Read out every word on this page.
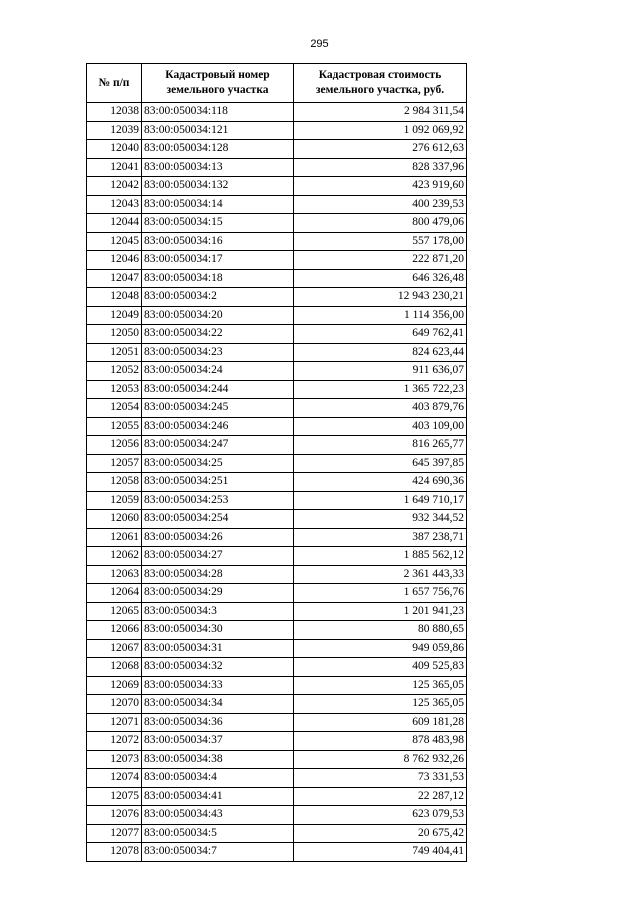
295
№ п/п	Кадастровый номер земельного участка	Кадастровая стоимость земельного участка, руб.
12038	83:00:050034:118	2 984 311,54
12039	83:00:050034:121	1 092 069,92
12040	83:00:050034:128	276 612,63
12041	83:00:050034:13	828 337,96
12042	83:00:050034:132	423 919,60
12043	83:00:050034:14	400 239,53
12044	83:00:050034:15	800 479,06
12045	83:00:050034:16	557 178,00
12046	83:00:050034:17	222 871,20
12047	83:00:050034:18	646 326,48
12048	83:00:050034:2	12 943 230,21
12049	83:00:050034:20	1 114 356,00
12050	83:00:050034:22	649 762,41
12051	83:00:050034:23	824 623,44
12052	83:00:050034:24	911 636,07
12053	83:00:050034:244	1 365 722,23
12054	83:00:050034:245	403 879,76
12055	83:00:050034:246	403 109,00
12056	83:00:050034:247	816 265,77
12057	83:00:050034:25	645 397,85
12058	83:00:050034:251	424 690,36
12059	83:00:050034:253	1 649 710,17
12060	83:00:050034:254	932 344,52
12061	83:00:050034:26	387 238,71
12062	83:00:050034:27	1 885 562,12
12063	83:00:050034:28	2 361 443,33
12064	83:00:050034:29	1 657 756,76
12065	83:00:050034:3	1 201 941,23
12066	83:00:050034:30	80 880,65
12067	83:00:050034:31	949 059,86
12068	83:00:050034:32	409 525,83
12069	83:00:050034:33	125 365,05
12070	83:00:050034:34	125 365,05
12071	83:00:050034:36	609 181,28
12072	83:00:050034:37	878 483,98
12073	83:00:050034:38	8 762 932,26
12074	83:00:050034:4	73 331,53
12075	83:00:050034:41	22 287,12
12076	83:00:050034:43	623 079,53
12077	83:00:050034:5	20 675,42
12078	83:00:050034:7	749 404,41
